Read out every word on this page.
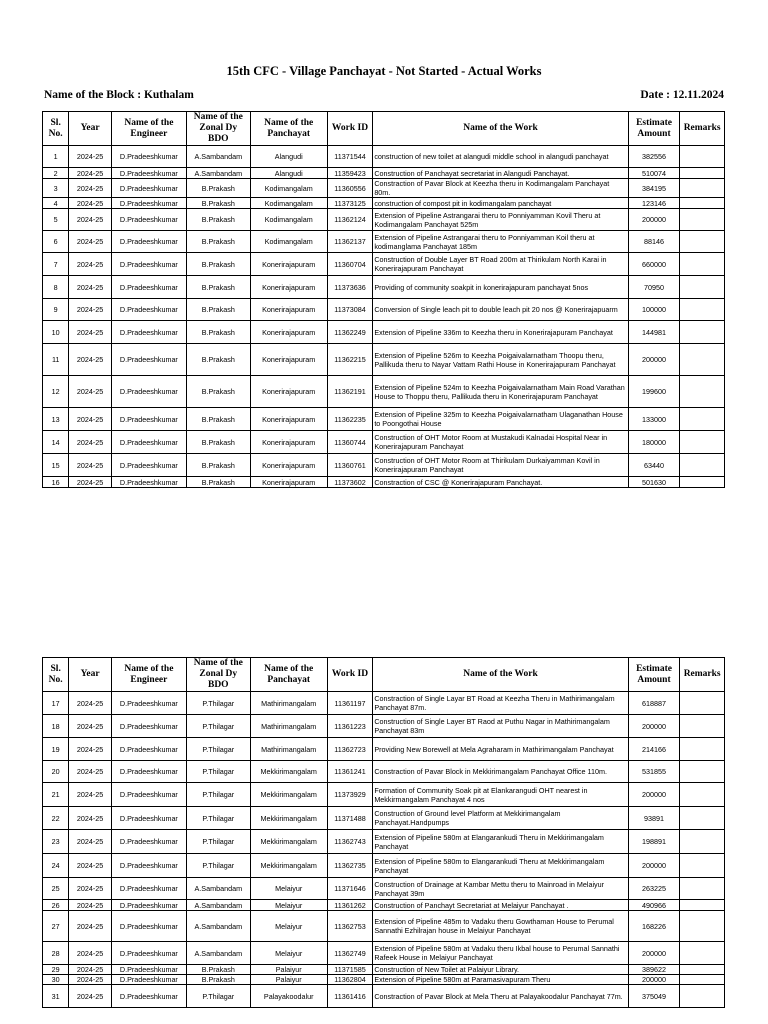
15th CFC - Village Panchayat - Not Started - Actual Works
Name of the Block : Kuthalam	Date : 12.11.2024
Sl. No.	Year	Name of the Engineer	Name of the Zonal Dy BDO	Name of the Panchayat	Work ID	Name of the Work	Estimate Amount	Remarks
1	2024-25	D.Pradeeshkumar	A.Sambandam	Alangudi	11371544	construction of new toilet at alangudi middle school in alangudi panchayat	382556	
2	2024-25	D.Pradeeshkumar	A.Sambandam	Alangudi	11359423	Construction of Panchayat secretariat in Alangudi Panchayat.	510074	
3	2024-25	D.Pradeeshkumar	B.Prakash	Kodimangalam	11360556	Constraction of Pavar Block at Keezha theru in Kodimangalam Panchayat 80m.	384195	
4	2024-25	D.Pradeeshkumar	B.Prakash	Kodimangalam	11373125	construction of compost pit in kodimangalam panchayat	123146	
5	2024-25	D.Pradeeshkumar	B.Prakash	Kodimangalam	11362124	Extension of Pipeline Astrangarai theru to Ponniyamman Kovil Theru at Kodimangalam Panchayat 525m	200000	
6	2024-25	D.Pradeeshkumar	B.Prakash	Kodimangalam	11362137	Extension of Pipeline Astrangarai theru to Ponniyamman Koil theru at kodimanglama Panchayat 185m	88146	
7	2024-25	D.Pradeeshkumar	B.Prakash	Konerirajapuram	11360704	Construction of Double Layer BT Road 200m at Thirikulam North Karai in Konerirajapuram Panchayat	660000	
8	2024-25	D.Pradeeshkumar	B.Prakash	Konerirajapuram	11373636	Providing of community soakpit in konerirajapuram panchayat 5nos	70950	
9	2024-25	D.Pradeeshkumar	B.Prakash	Konerirajapuram	11373084	Conversion of Single leach pit to double leach pit 20 nos @ Konerirajapuarm	100000	
10	2024-25	D.Pradeeshkumar	B.Prakash	Konerirajapuram	11362249	Extension of Pipeline 336m to Keezha theru in Konerirajapuram Panchayat	144981	
11	2024-25	D.Pradeeshkumar	B.Prakash	Konerirajapuram	11362215	Extension of Pipeline 526m to Keezha Poigaivalarnatham Thoopu theru, Pallikuda theru to Nayar Vattam Rathi House in Konerirajapuram Panchayat	200000	
12	2024-25	D.Pradeeshkumar	B.Prakash	Konerirajapuram	11362191	Extension of Pipeline 524m to Keezha Poigaivalarnatham Main Road Varathan House to Thoppu theru, Pallikuda theru in Konerirajapuram Panchayat	199600	
13	2024-25	D.Pradeeshkumar	B.Prakash	Konerirajapuram	11362235	Extension of Pipeline 325m to Keezha Poigaivalarnatham Ulaganathan House to Poongothai House	133000	
14	2024-25	D.Pradeeshkumar	B.Prakash	Konerirajapuram	11360744	Construction of OHT Motor Room at Mustakudi Kalnadai Hospital Near in Konerirajapuram Panchayat	180000	
15	2024-25	D.Pradeeshkumar	B.Prakash	Konerirajapuram	11360761	Construction of OHT Motor Room at Thirikulam Durkaiyamman Kovil in Konerirajapuram Panchayat	63440	
16	2024-25	D.Pradeeshkumar	B.Prakash	Konerirajapuram	11373602	Constraction of CSC @ Konerirajapuram Panchayat.	501630	
Sl. No.	Year	Name of the Engineer	Name of the Zonal Dy BDO	Name of the Panchayat	Work ID	Name of the Work	Estimate Amount	Remarks
17	2024-25	D.Pradeeshkumar	P.Thilagar	Mathirimangalam	11361197	Constraction of Single Layar BT Road at Keezha Theru in Mathirimangalam Panchayat 87m.	618887	
18	2024-25	D.Pradeeshkumar	P.Thilagar	Mathirimangalam	11361223	Construction of Single Layer BT Raod at Puthu Nagar in Mathirimangalam Panchayat 83m	200000	
19	2024-25	D.Pradeeshkumar	P.Thilagar	Mathirimangalam	11362723	Providing New Borewell at Mela Agraharam in Mathirimangalam Panchayat	214166	
20	2024-25	D.Pradeeshkumar	P.Thilagar	Mekkirimangalam	11361241	Constraction of Pavar Block in Mekkirimangalam Panchayat Office 110m.	531855	
21	2024-25	D.Pradeeshkumar	P.Thilagar	Mekkirimangalam	11373929	Formation of Community Soak pit at Elankarangudi OHT nearest in Mekkirmangalam Panchayat 4 nos	200000	
22	2024-25	D.Pradeeshkumar	P.Thilagar	Mekkirimangalam	11371488	Construction of Ground level Platform at Mekkirimangalam Panchayat.Handpumps	93891	
23	2024-25	D.Pradeeshkumar	P.Thilagar	Mekkirimangalam	11362743	Extension of Pipeline 580m at Elangarankudi Theru in Mekkirimangalam Panchayat	198891	
24	2024-25	D.Pradeeshkumar	P.Thilagar	Mekkirimangalam	11362735	Extension of Pipeline 580m to Elangarankudi Theru at Mekkirimangalam Panchayat	200000	
25	2024-25	D.Pradeeshkumar	A.Sambandam	Melaiyur	11371646	Construction of Drainage at Kambar Mettu theru to Mainroad in Melaiyur Panchayat 39m	263225	
26	2024-25	D.Pradeeshkumar	A.Sambandam	Melaiyur	11361262	Construction of Panchayt Secretariat at Melaiyur Panchayat .	490966	
27	2024-25	D.Pradeeshkumar	A.Sambandam	Melaiyur	11362753	Extension of Pipeline 485m to Vadaku theru Gowthaman House to Perumal Sannathi Ezhilrajan house in Melaiyur Panchayat	168226	
28	2024-25	D.Pradeeshkumar	A.Sambandam	Melaiyur	11362749	Extension of Pipeline 580m at Vadaku theru Ikbal house to Perumal Sannathi Rafeek House in Melaiyur Panchayat	200000	
29	2024-25	D.Pradeeshkumar	B.Prakash	Palaiyur	11371585	Construction of New Toilet at Palaiyur Library.	389622	
30	2024-25	D.Pradeeshkumar	B.Prakash	Palaiyur	11362804	Extension of Pipeline 580m at Paramasivapuram Theru	200000	
31	2024-25	D.Pradeeshkumar	P.Thilagar	Palayakoodalur	11361416	Constraction of Pavar Block at Mela Theru at Palayakoodalur Panchayat 77m.	375049	
